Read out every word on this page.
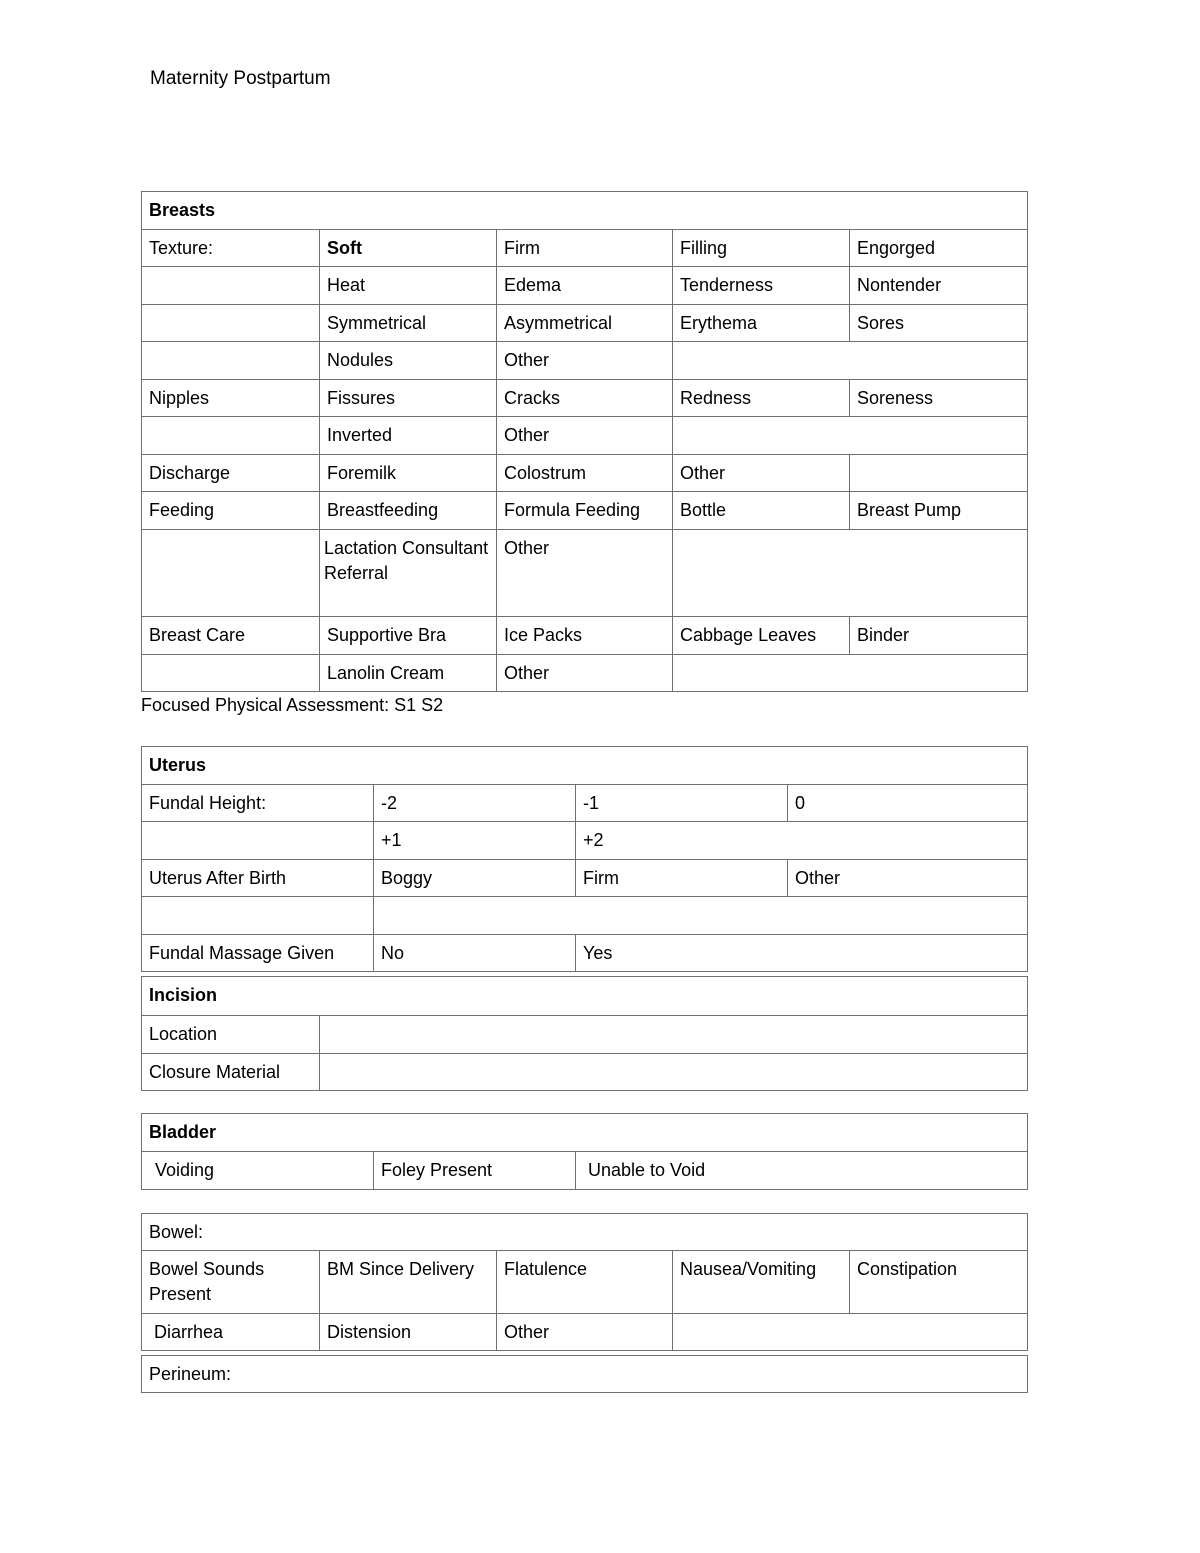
Maternity Postpartum
Breasts				
Texture:	Soft	Firm	Filling	Engorged
	Heat	Edema	Tenderness	Nontender
	Symmetrical	Asymmetrical	Erythema	Sores
	Nodules	Other		
Nipples	Fissures	Cracks	Redness	Soreness
	Inverted	Other		
Discharge	Foremilk	Colostrum	Other	
Feeding	Breastfeeding	Formula Feeding	Bottle	Breast Pump
	Lactation Consultant Referral	Other		
Breast Care	Supportive Bra	Ice Packs	Cabbage Leaves	Binder
	Lanolin Cream	Other		
Focused Physical Assessment: S1 S2
Uterus			
Fundal Height:	-2	-1	0
	+1	+2	
Uterus After Birth	Boggy	Firm	Other

Fundal Massage Given	No	Yes	
Incision	
Location	
Closure Material	
Bladder
Voiding	Foley Present	Unable to Void
Bowel:				
Bowel Sounds Present	BM Since Delivery	Flatulence	Nausea/Vomiting	Constipation
Diarrhea	Distension	Other		
Perineum:
